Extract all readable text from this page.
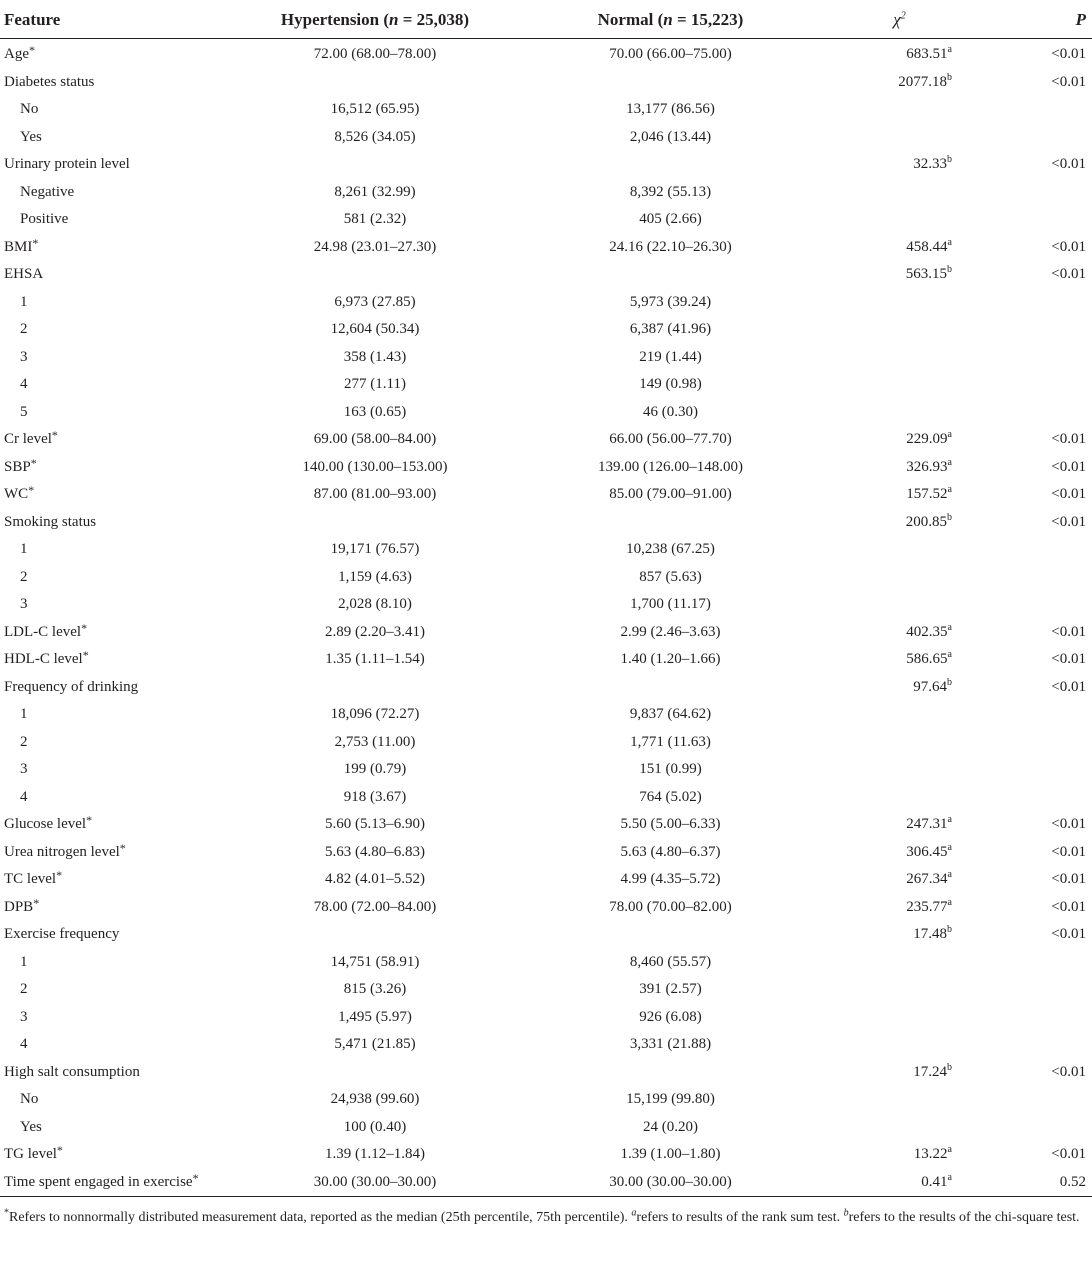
Feature	Hypertension (n = 25,038)	Normal (n = 15,223)	$\chi^2$	P
Age*	72.00 (68.00–78.00)	70.00 (66.00–75.00)	683.51$^a$	<0.01
Diabetes status			2077.18$^b$	<0.01
No	16,512 (65.95)	13,177 (86.56)		
Yes	8,526 (34.05)	2,046 (13.44)		
Urinary protein level			32.33$^b$	<0.01
Negative	8,261 (32.99)	8,392 (55.13)		
Positive	581 (2.32)	405 (2.66)		
BMI*	24.98 (23.01–27.30)	24.16 (22.10–26.30)	458.44$^a$	<0.01
EHSA			563.15$^b$	<0.01
1	6,973 (27.85)	5,973 (39.24)		
2	12,604 (50.34)	6,387 (41.96)		
3	358 (1.43)	219 (1.44)		
4	277 (1.11)	149 (0.98)		
5	163 (0.65)	46 (0.30)		
Cr level*	69.00 (58.00–84.00)	66.00 (56.00–77.70)	229.09$^a$	<0.01
SBP*	140.00 (130.00–153.00)	139.00 (126.00–148.00)	326.93$^a$	<0.01
WC*	87.00 (81.00–93.00)	85.00 (79.00–91.00)	157.52$^a$	<0.01
Smoking status			200.85$^b$	<0.01
1	19,171 (76.57)	10,238 (67.25)		
2	1,159 (4.63)	857 (5.63)		
3	2,028 (8.10)	1,700 (11.17)		
LDL-C level*	2.89 (2.20–3.41)	2.99 (2.46–3.63)	402.35$^a$	<0.01
HDL-C level*	1.35 (1.11–1.54)	1.40 (1.20–1.66)	586.65$^a$	<0.01
Frequency of drinking			97.64$^b$	<0.01
1	18,096 (72.27)	9,837 (64.62)		
2	2,753 (11.00)	1,771 (11.63)		
3	199 (0.79)	151 (0.99)		
4	918 (3.67)	764 (5.02)		
Glucose level*	5.60 (5.13–6.90)	5.50 (5.00–6.33)	247.31$^a$	<0.01
Urea nitrogen level*	5.63 (4.80–6.83)	5.63 (4.80–6.37)	306.45$^a$	<0.01
TC level*	4.82 (4.01–5.52)	4.99 (4.35–5.72)	267.34$^a$	<0.01
DPB*	78.00 (72.00–84.00)	78.00 (70.00–82.00)	235.77$^a$	<0.01
Exercise frequency			17.48$^b$	<0.01
1	14,751 (58.91)	8,460 (55.57)		
2	815 (3.26)	391 (2.57)		
3	1,495 (5.97)	926 (6.08)		
4	5,471 (21.85)	3,331 (21.88)		
High salt consumption			17.24$^b$	<0.01
No	24,938 (99.60)	15,199 (99.80)		
Yes	100 (0.40)	24 (0.20)		
TG level*	1.39 (1.12–1.84)	1.39 (1.00–1.80)	13.22$^a$	<0.01
Time spent engaged in exercise*	30.00 (30.00–30.00)	30.00 (30.00–30.00)	0.41$^a$	0.52
*Refers to nonnormally distributed measurement data, reported as the median (25th percentile, 75th percentile). $^a$refers to results of the rank sum test. $^b$refers to the results of the chi-square test.
